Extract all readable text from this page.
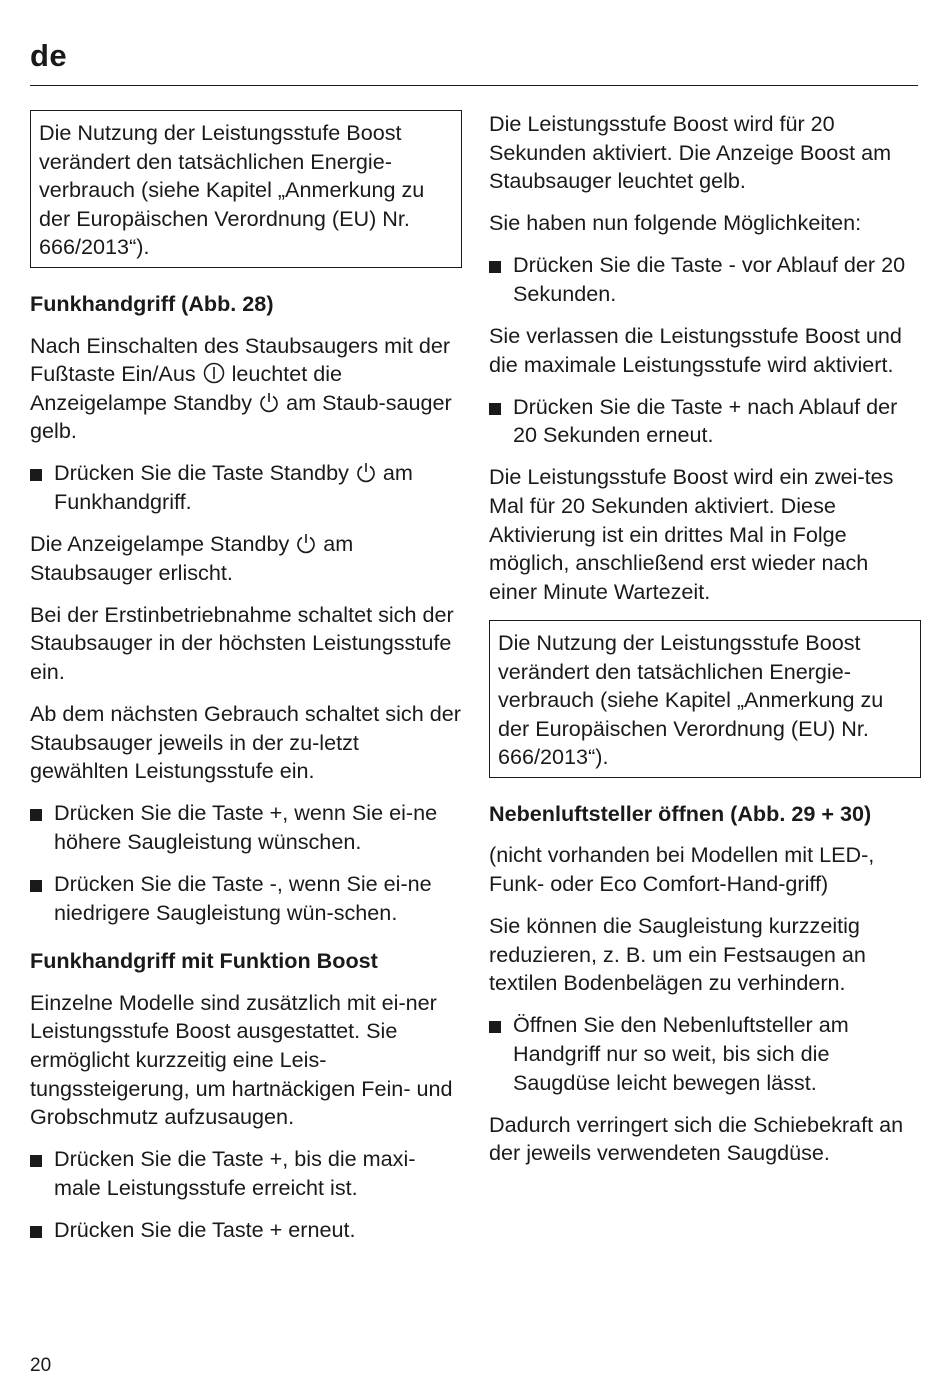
de
Die Nutzung der Leistungsstufe Boost verändert den tatsächlichen Energie-verbrauch (siehe Kapitel „Anmerkung zu der Europäischen Verordnung (EU) Nr. 666/2013“).
Funkhandgriff (Abb. 28)

Nach Einschalten des Staubsaugers mit der Fußtaste Ein/Aus leuchtet die Anzeigelampe Standby am Staub-sauger gelb.

Drücken Sie die Taste Standby am Funkhandgriff.

Die Anzeigelampe Standby am Staubsauger erlischt.

Bei der Erstinbetriebnahme schaltet sich der Staubsauger in der höchsten Leistungsstufe ein.

Ab dem nächsten Gebrauch schaltet sich der Staubsauger jeweils in der zu-letzt gewählten Leistungsstufe ein.

Drücken Sie die Taste +, wenn Sie ei-ne höhere Saugleistung wünschen.
Drücken Sie die Taste -, wenn Sie ei-ne niedrigere Saugleistung wün-schen.
Funkhandgriff mit Funktion Boost

Einzelne Modelle sind zusätzlich mit ei-ner Leistungsstufe Boost ausgestattet. Sie ermöglicht kurzzeitig eine Leis-tungssteigerung, um hartnäckigen Fein- und Grobschmutz aufzusaugen.

Drücken Sie die Taste +, bis die maxi-male Leistungsstufe erreicht ist.
Drücken Sie die Taste + erneut.

Die Leistungsstufe Boost wird für 20 Sekunden aktiviert. Die Anzeige Boost am Staubsauger leuchtet gelb.

Sie haben nun folgende Möglichkeiten:

Drücken Sie die Taste - vor Ablauf der 20 Sekunden.

Sie verlassen die Leistungsstufe Boost und die maximale Leistungsstufe wird aktiviert.

Drücken Sie die Taste + nach Ablauf der 20 Sekunden erneut.

Die Leistungsstufe Boost wird ein zwei-tes Mal für 20 Sekunden aktiviert. Diese Aktivierung ist ein drittes Mal in Folge möglich, anschließend erst wieder nach einer Minute Wartezeit.

Die Nutzung der Leistungsstufe Boost verändert den tatsächlichen Energie-verbrauch (siehe Kapitel „Anmerkung zu der Europäischen Verordnung (EU) Nr. 666/2013“).
Nebenluftsteller öffnen (Abb. 29 + 30)

(nicht vorhanden bei Modellen mit LED-, Funk- oder Eco Comfort-Hand-griff)

Sie können die Saugleistung kurzzeitig reduzieren, z. B. um ein Festsaugen an textilen Bodenbelägen zu verhindern.

Öffnen Sie den Nebenluftsteller am Handgriff nur so weit, bis sich die Saugdüse leicht bewegen lässt.

Dadurch verringert sich die Schiebekraft an der jeweils verwendeten Saugdüse.

20
